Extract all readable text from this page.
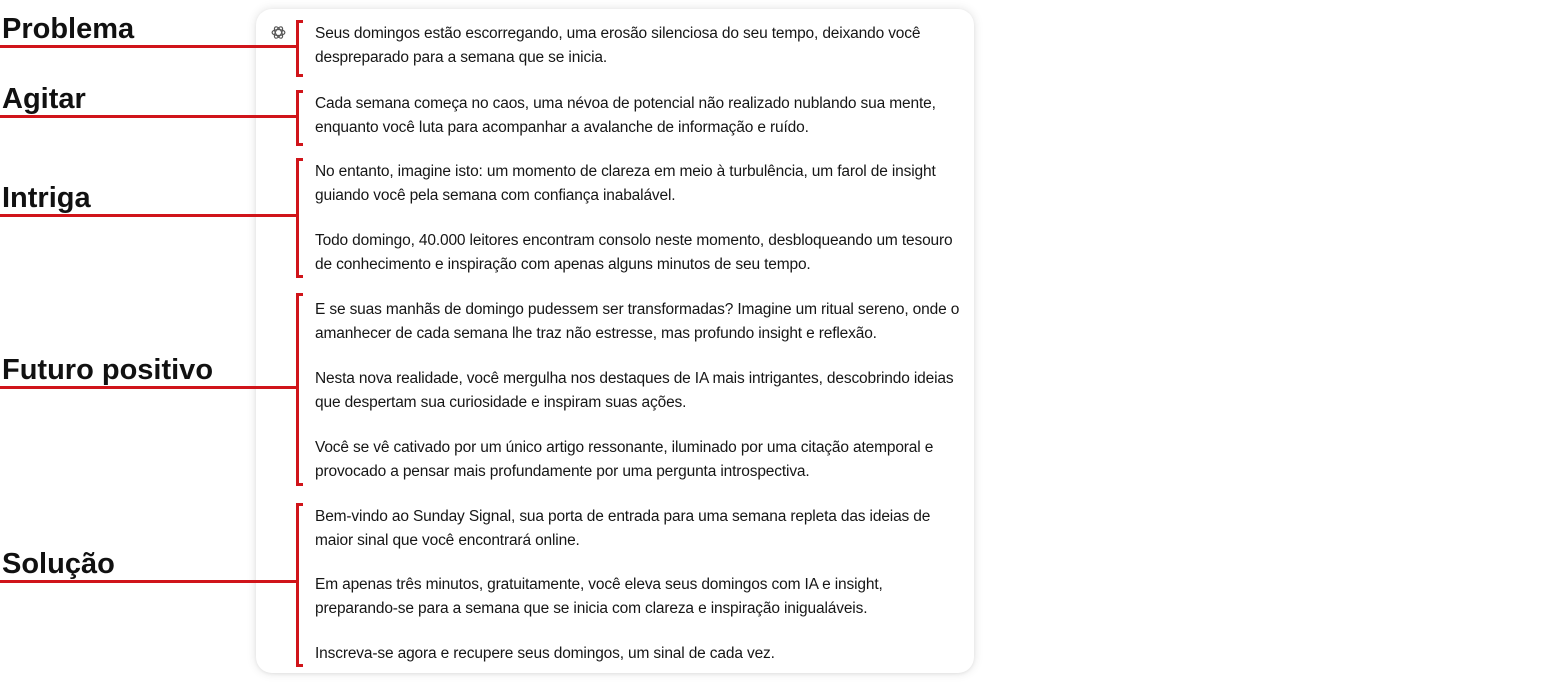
Problema
Agitar
Intriga
Futuro positivo
Solução

Seus domingos estão escorregando, uma erosão silenciosa do seu tempo, deixando você despreparado para a semana que se inicia.

Cada semana começa no caos, uma névoa de potencial não realizado nublando sua mente, enquanto você luta para acompanhar a avalanche de informação e ruído.

No entanto, imagine isto: um momento de clareza em meio à turbulência, um farol de insight guiando você pela semana com confiança inabalável.

Todo domingo, 40.000 leitores encontram consolo neste momento, desbloqueando um tesouro de conhecimento e inspiração com apenas alguns minutos de seu tempo.

E se suas manhãs de domingo pudessem ser transformadas? Imagine um ritual sereno, onde o amanhecer de cada semana lhe traz não estresse, mas profundo insight e reflexão.

Nesta nova realidade, você mergulha nos destaques de IA mais intrigantes, descobrindo ideias que despertam sua curiosidade e inspiram suas ações.

Você se vê cativado por um único artigo ressonante, iluminado por uma citação atemporal e provocado a pensar mais profundamente por uma pergunta introspectiva.

Bem-vindo ao Sunday Signal, sua porta de entrada para uma semana repleta das ideias de maior sinal que você encontrará online.

Em apenas três minutos, gratuitamente, você eleva seus domingos com IA e insight, preparando-se para a semana que se inicia com clareza e inspiração inigualáveis.

Inscreva-se agora e recupere seus domingos, um sinal de cada vez.
